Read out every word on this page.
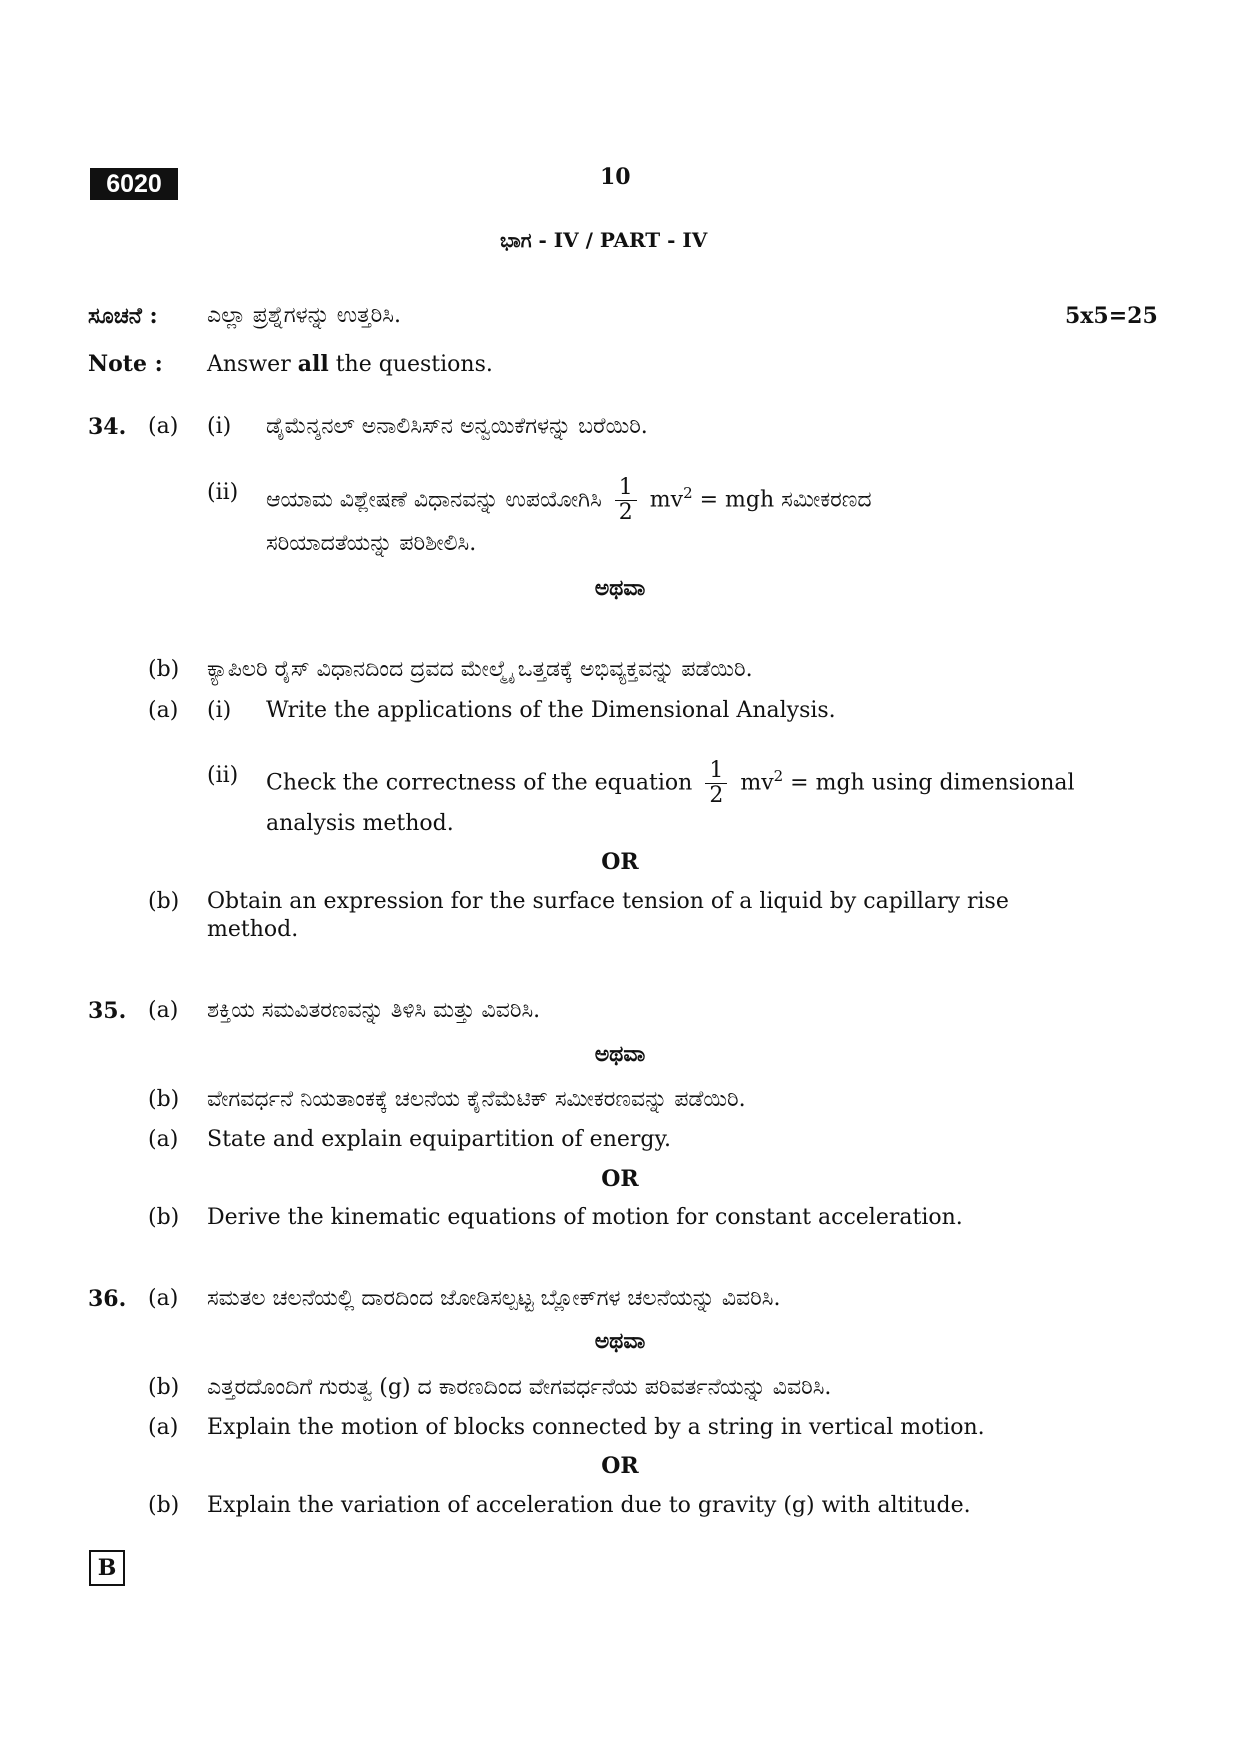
6020	10
ಭಾಗ - IV / PART - IV
ಸೂಚನೆ : ಎಲ್ಲಾ ಪ್ರಶ್ನೆಗಳನ್ನು ಉತ್ತರಿಸಿ.	5x5=25
Note : Answer all the questions.
34. (a) (i) ಡೈಮೆನ್ಶನಲ್ ಅನಾಲಿಸಿಸ್‌ನ ಅನ್ವಯಿಕೆಗಳನ್ನು ಬರೆಯಿರಿ.
(ii) ಆಯಾಮ ವಿಶ್ಲೇಷಣೆ ವಿಧಾನವನ್ನು ಉಪಯೋಗಿಸಿ $\frac{1}{2} mv^2$ = mgh ಸಮೀಕರಣದ
ಸರಿಯಾದತೆಯನ್ನು ಪರಿಶೀಲಿಸಿ.
ಅಥವಾ
(b) ಕ್ಯಾಪಿಲರಿ ರೈಸ್ ವಿಧಾನದಿಂದ ದ್ರವದ ಮೇಲ್ಮೈ ಒತ್ತಡಕ್ಕೆ ಅಭಿವ್ಯಕ್ತವನ್ನು ಪಡೆಯಿರಿ.
(a) (i) Write the applications of the Dimensional Analysis.
(ii) Check the correctness of the equation $\frac{1}{2} mv^2$ = mgh using dimensional
analysis method.
OR
(b) Obtain an expression for the surface tension of a liquid by capillary rise
method.
35. (a) ಶಕ್ತಿಯ ಸಮವಿತರಣವನ್ನು ತಿಳಿಸಿ ಮತ್ತು ವಿವರಿಸಿ.
ಅಥವಾ
(b) ವೇಗವರ್ಧನೆ ನಿಯತಾಂಕಕ್ಕೆ ಚಲನೆಯ ಕೈನೆಮೆಟಿಕ್ ಸಮೀಕರಣವನ್ನು ಪಡೆಯಿರಿ.
(a) State and explain equipartition of energy.
OR
(b) Derive the kinematic equations of motion for constant acceleration.
36. (a) ಸಮತಲ ಚಲನೆಯಲ್ಲಿ ದಾರದಿಂದ ಜೋಡಿಸಲ್ಪಟ್ಟ ಬ್ಲೋಕ್‌ಗಳ ಚಲನೆಯನ್ನು ವಿವರಿಸಿ.
ಅಥವಾ
(b) ಎತ್ತರದೊಂದಿಗೆ ಗುರುತ್ವ (g) ದ ಕಾರಣದಿಂದ ವೇಗವರ್ಧನೆಯ ಪರಿವರ್ತನೆಯನ್ನು ವಿವರಿಸಿ.
(a) Explain the motion of blocks connected by a string in vertical motion.
OR
(b) Explain the variation of acceleration due to gravity (g) with altitude.
B
